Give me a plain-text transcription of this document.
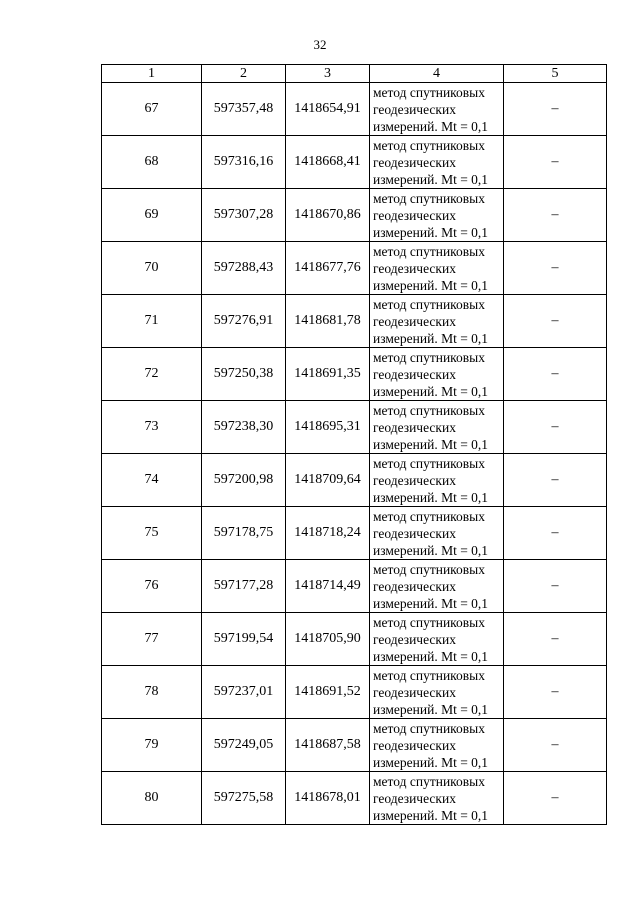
32
1	2	3	4	5
67	597357,48	1418654,91	метод спутниковых
геодезических
измерений. Mt = 0,1	–
68	597316,16	1418668,41	метод спутниковых
геодезических
измерений. Mt = 0,1	–
69	597307,28	1418670,86	метод спутниковых
геодезических
измерений. Mt = 0,1	–
70	597288,43	1418677,76	метод спутниковых
геодезических
измерений. Mt = 0,1	–
71	597276,91	1418681,78	метод спутниковых
геодезических
измерений. Mt = 0,1	–
72	597250,38	1418691,35	метод спутниковых
геодезических
измерений. Mt = 0,1	–
73	597238,30	1418695,31	метод спутниковых
геодезических
измерений. Mt = 0,1	–
74	597200,98	1418709,64	метод спутниковых
геодезических
измерений. Mt = 0,1	–
75	597178,75	1418718,24	метод спутниковых
геодезических
измерений. Mt = 0,1	–
76	597177,28	1418714,49	метод спутниковых
геодезических
измерений. Mt = 0,1	–
77	597199,54	1418705,90	метод спутниковых
геодезических
измерений. Mt = 0,1	–
78	597237,01	1418691,52	метод спутниковых
геодезических
измерений. Mt = 0,1	–
79	597249,05	1418687,58	метод спутниковых
геодезических
измерений. Mt = 0,1	–
80	597275,58	1418678,01	метод спутниковых
геодезических
измерений. Mt = 0,1	–
